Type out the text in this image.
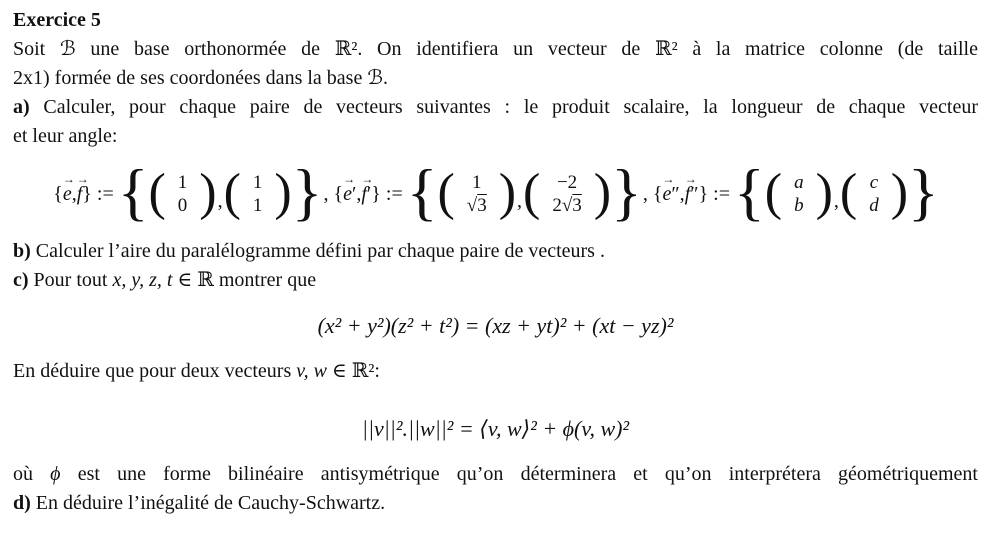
Exercice 5
Soit ℬ une base orthonormée de ℝ². On identifiera un vecteur de ℝ² à la matrice colonne (de taille
2x1) formée de ses coordonées dans la base ℬ.
a) Calculer, pour chaque paire de vecteurs suivantes : le produit scalaire, la longueur de chaque vecteur
et leur angle:
{
→
e,
→
f} := { ( 1
0 ) , ( 1
1 ) } , {
→
e′,
→
f′} := { ( 1
√3 ) , ( −2
2√3 ) } , {
→
e″,
→
f″} := { ( a
b ) , ( c
d ) }
b) Calculer l’aire du paralélogramme défini par chaque paire de vecteurs .
c) Pour tout x, y, z, t ∈ ℝ montrer que
(x² + y²)(z² + t²) = (xz + yt)² + (xt − yz)²
En déduire que pour deux vecteurs v, w ∈ ℝ²:
||v||².||w||² = ⟨v, w⟩² + ϕ(v, w)²
où ϕ est une forme bilinéaire antisymétrique qu’on déterminera et qu’on interprétera géométriquement
d) En déduire l’inégalité de Cauchy-Schwartz.
